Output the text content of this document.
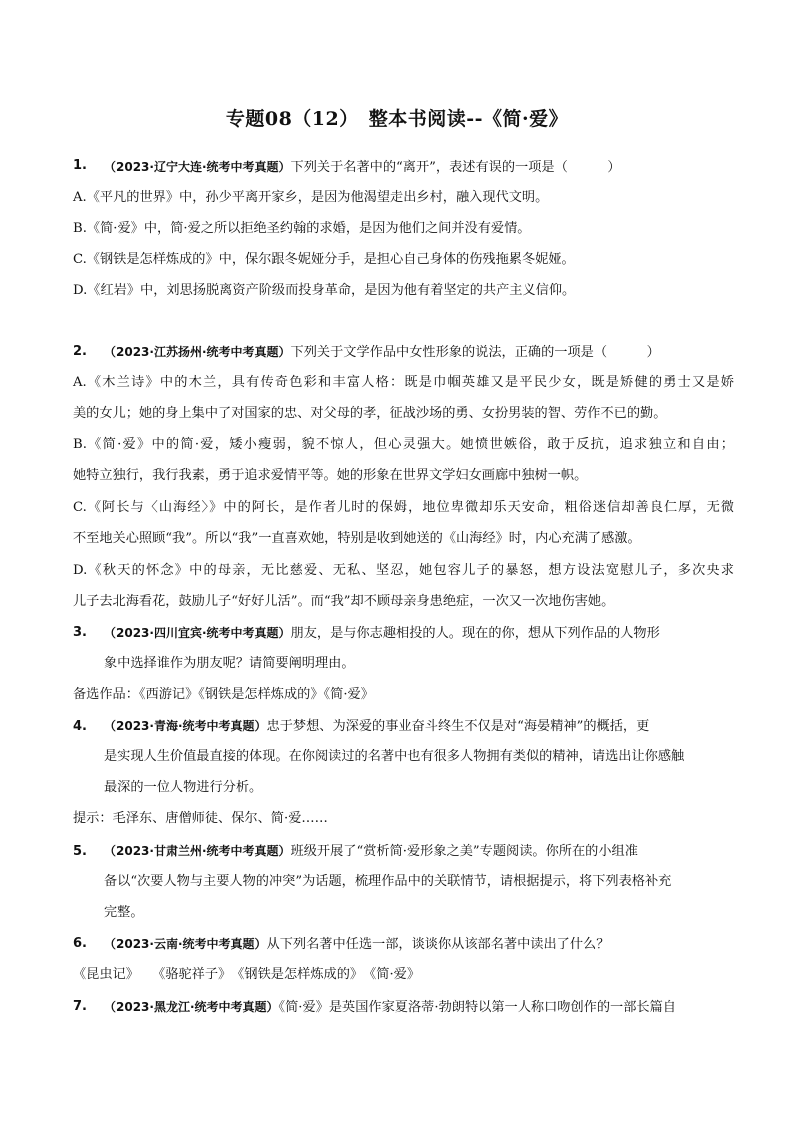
专题08（12）　整本书阅读--《简·爱》
1. （2023·辽宁大连·统考中考真题）下列关于名著中的“离开”，表述有误的一项是（　　　）
A.《平凡的世界》中，孙少平离开家乡，是因为他渴望走出乡村，融入现代文明。
B.《简·爱》中，简·爱之所以拒绝圣约翰的求婚，是因为他们之间并没有爱情。
C.《钢铁是怎样炼成的》中，保尔跟冬妮娅分手，是担心自己身体的伤残拖累冬妮娅。
D.《红岩》中，刘思扬脱离资产阶级而投身革命，是因为他有着坚定的共产主义信仰。
2. （2023·江苏扬州·统考中考真题）下列关于文学作品中女性形象的说法，正确的一项是（　　　）
A.《木兰诗》中的木兰，具有传奇色彩和丰富人格：既是巾帼英雄又是平民少女，既是矫健的勇士又是娇
美的女儿；她的身上集中了对国家的忠、对父母的孝，征战沙场的勇、女扮男装的智、劳作不已的勤。
B.《简·爱》中的简·爱，矮小瘦弱，貌不惊人，但心灵强大。她愤世嫉俗，敢于反抗，追求独立和自由；
她特立独行，我行我素，勇于追求爱情平等。她的形象在世界文学妇女画廊中独树一帜。
C.《阿长与〈山海经〉》中的阿长，是作者儿时的保姆，地位卑微却乐天安命，粗俗迷信却善良仁厚，无微
不至地关心照顾“我”。所以“我”一直喜欢她，特别是收到她送的《山海经》时，内心充满了感激。
D.《秋天的怀念》中的母亲，无比慈爱、无私、坚忍，她包容儿子的暴怒，想方设法宽慰儿子，多次央求
儿子去北海看花，鼓励儿子“好好儿活”。而“我”却不顾母亲身患绝症，一次又一次地伤害她。
3. （2023·四川宜宾·统考中考真题）朋友，是与你志趣相投的人。现在的你，想从下列作品的人物形
象中选择谁作为朋友呢？请简要阐明理由。
备选作品：《西游记》《钢铁是怎样炼成的》《简·爱》
4. （2023·青海·统考中考真题）忠于梦想、为深爱的事业奋斗终生不仅是对“海晏精神”的概括，更
是实现人生价值最直接的体现。在你阅读过的名著中也有很多人物拥有类似的精神，请选出让你感触
最深的一位人物进行分析。
提示：毛泽东、唐僧师徒、保尔、简·爱……
5. （2023·甘肃兰州·统考中考真题）班级开展了“赏析简·爱形象之美”专题阅读。你所在的小组准
备以“次要人物与主要人物的冲突”为话题，梳理作品中的关联情节，请根据提示，将下列表格补充
完整。
6. （2023·云南·统考中考真题）从下列名著中任选一部，谈谈你从该部名著中读出了什么？
《昆虫记》　　《骆驼祥子》　《钢铁是怎样炼成的》　《简·爱》
7. （2023·黑龙江·统考中考真题）《简·爱》是英国作家夏洛蒂·勃朗特以第一人称口吻创作的一部长篇自
